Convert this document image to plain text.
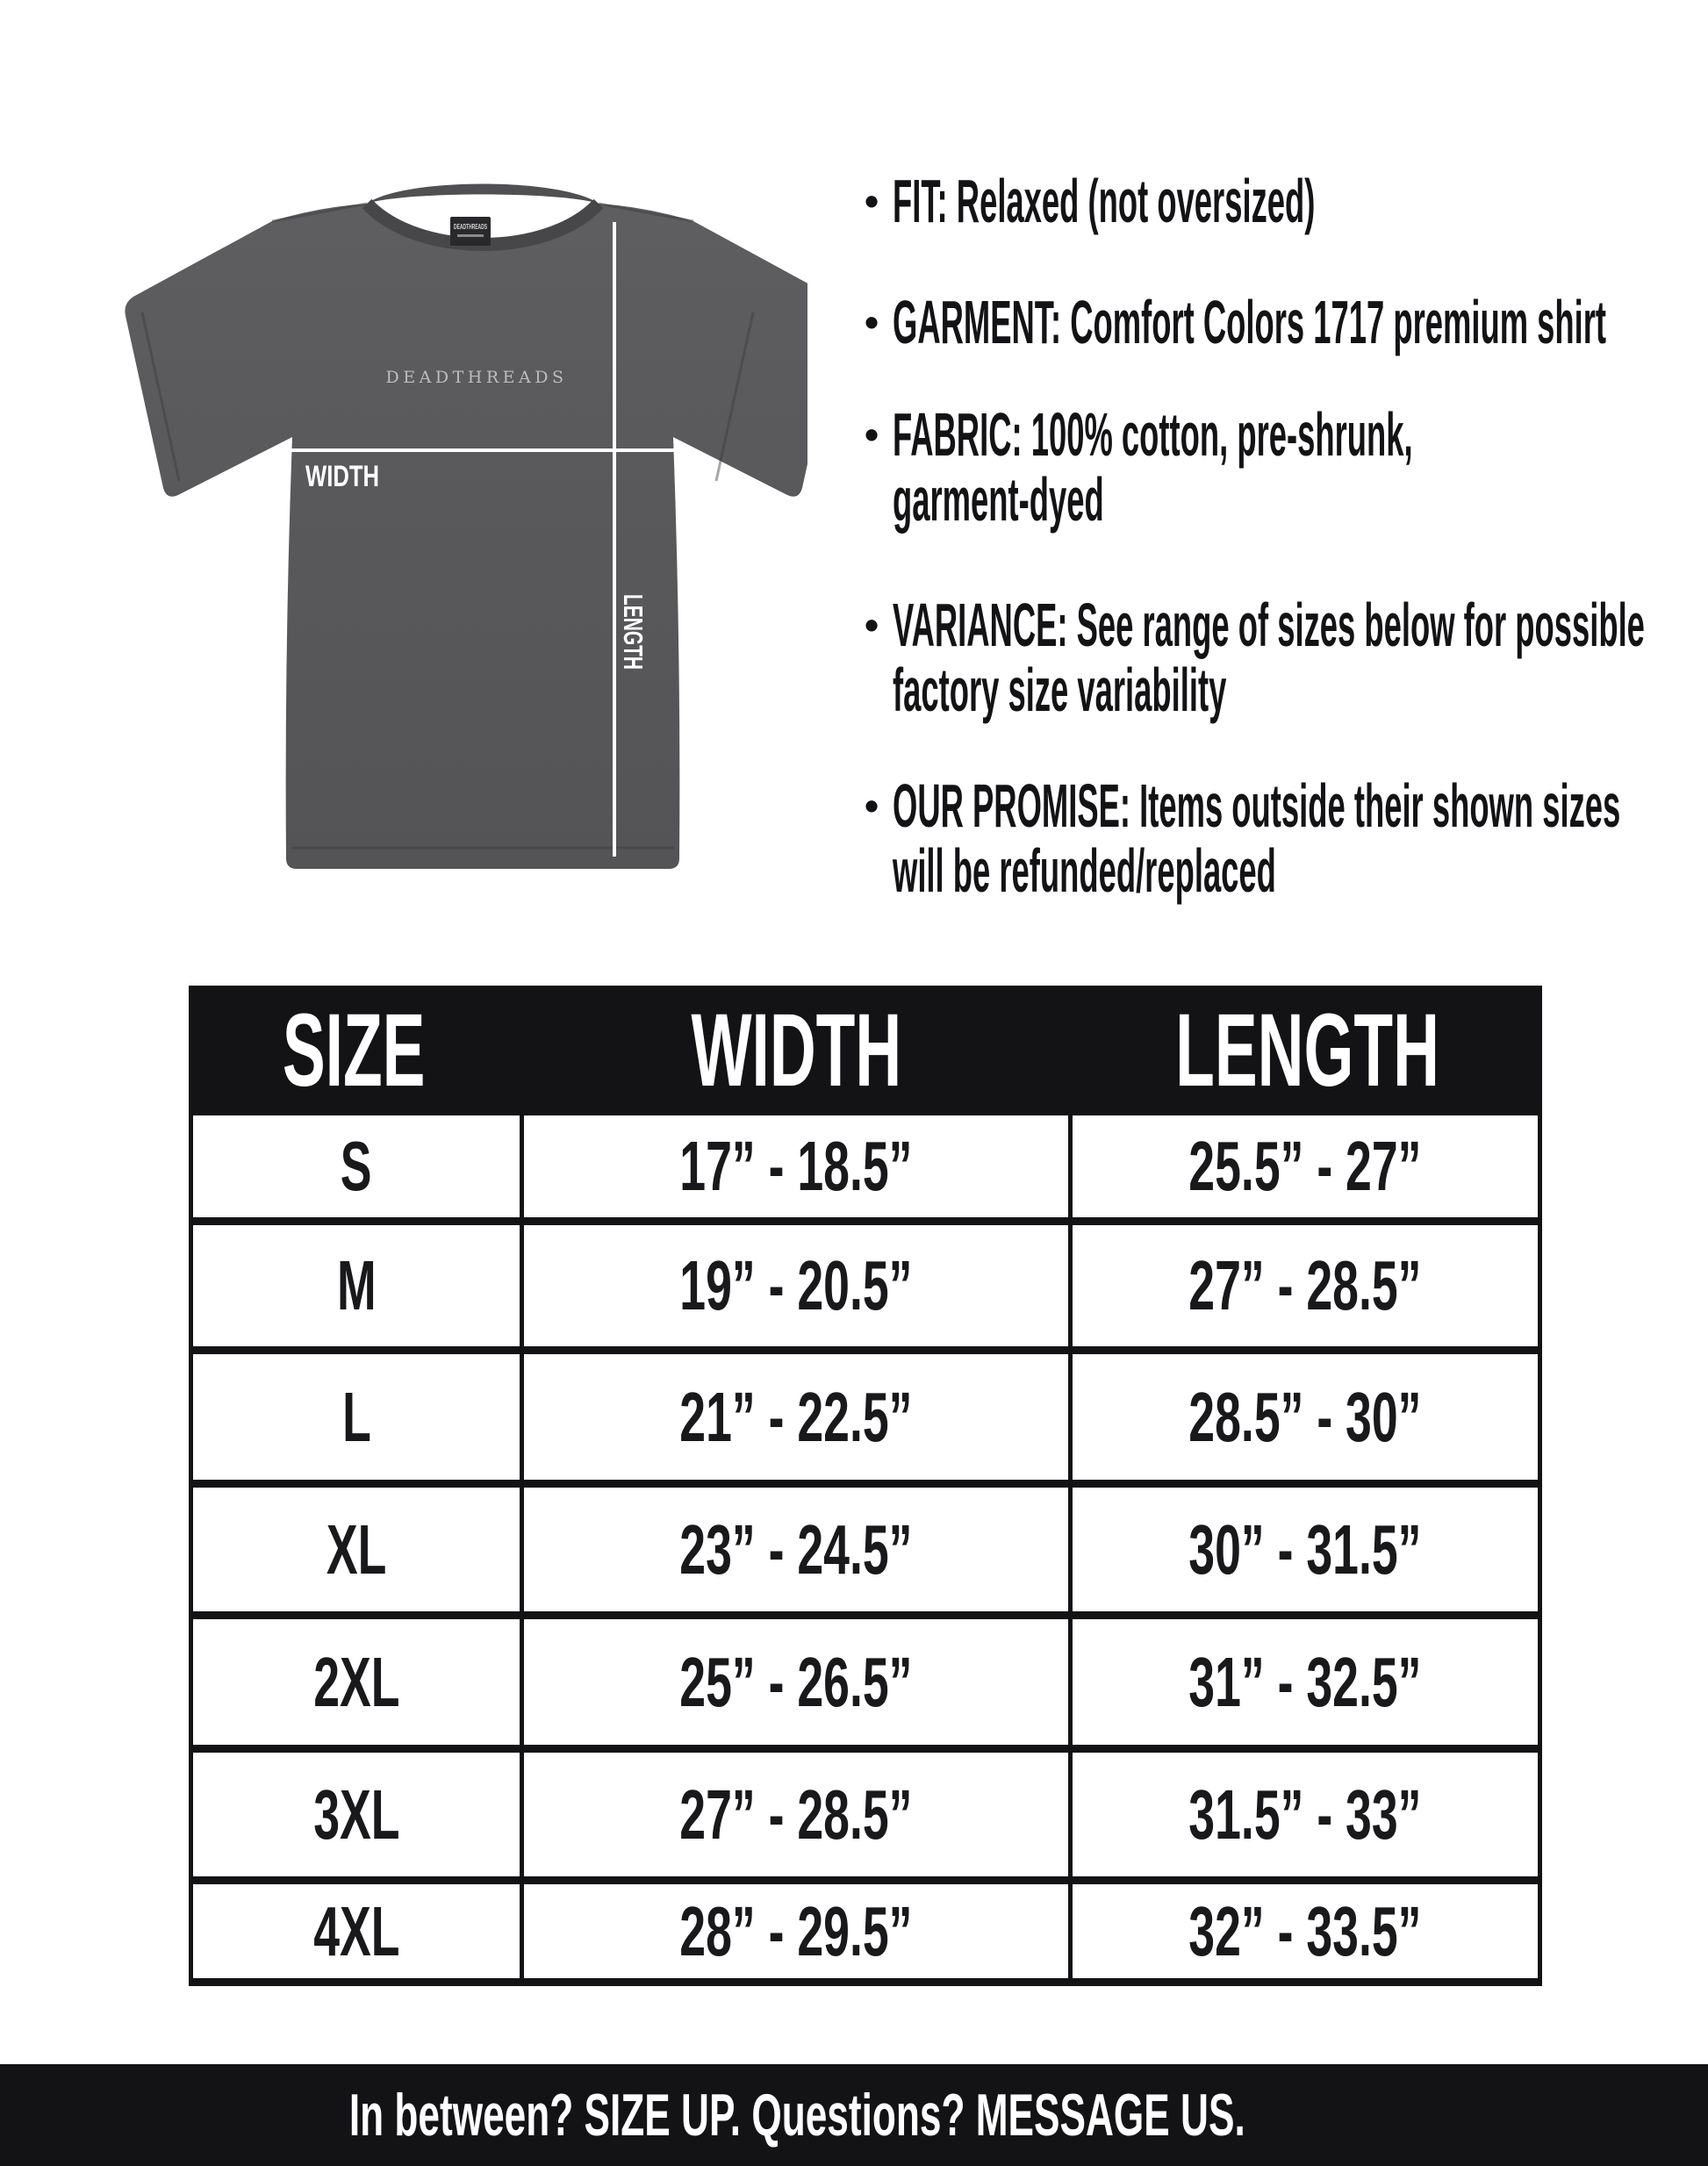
DEADTHREADS
DEADTHREADS
WIDTH
LENGTH
• FIT: Relaxed (not oversized)
• GARMENT: Comfort Colors 1717 premium shirt
• FABRIC: 100% cotton, pre-shrunk,
garment-dyed
• VARIANCE: See range of sizes below for possible
factory size variability
• OUR PROMISE: Items outside their shown sizes
will be refunded/replaced
SIZE	WIDTH	LENGTH
S	17” - 18.5”	25.5” - 27”
M	19” - 20.5”	27” - 28.5”
L	21” - 22.5”	28.5” - 30”
XL	23” - 24.5”	30” - 31.5”
2XL	25” - 26.5”	31” - 32.5”
3XL	27” - 28.5”	31.5” - 33”
4XL	28” - 29.5”	32” - 33.5”
In between? SIZE UP. Questions? MESSAGE US.
